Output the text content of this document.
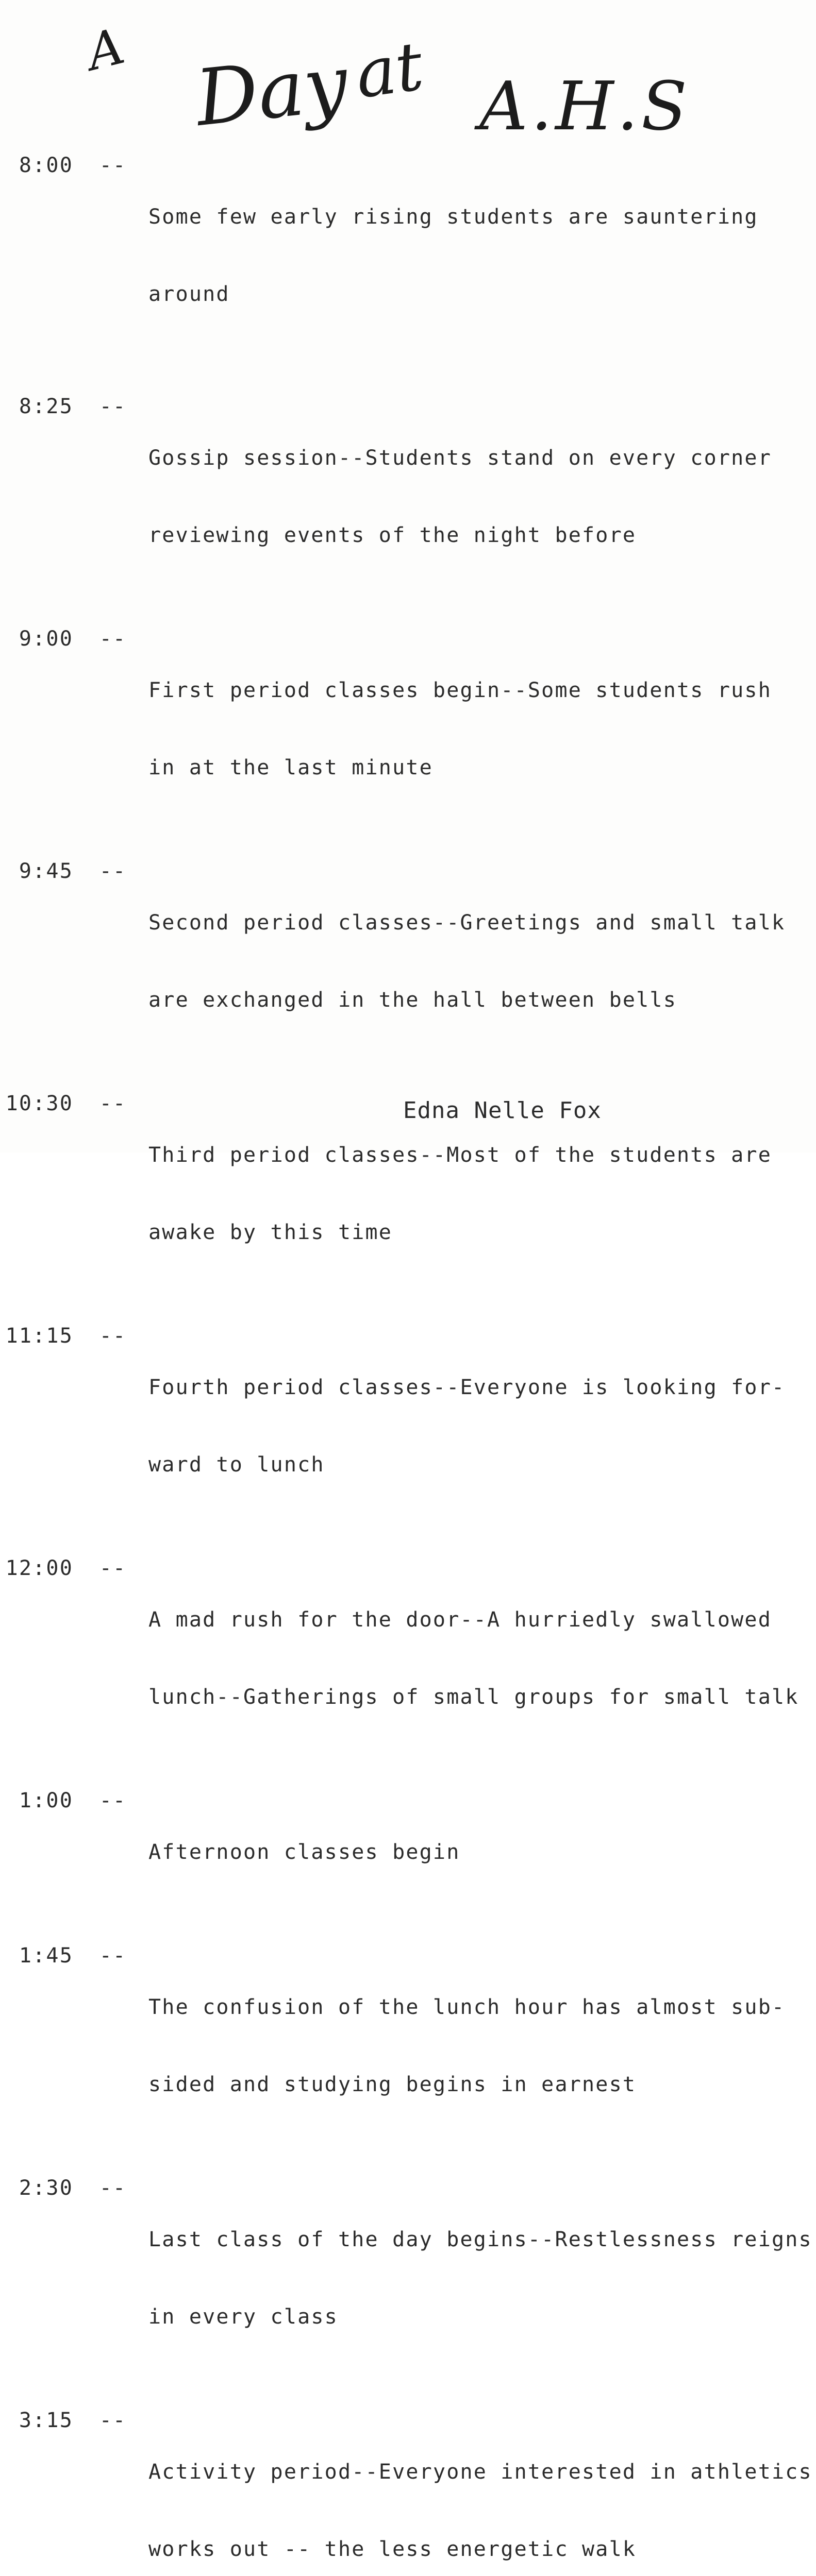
A Day
at A.H.S
8:00	--

Some few early rising students are sauntering

around

8:25	--

Gossip session--Students stand on every corner

reviewing events of the night before

9:00	--

First period classes begin--Some students rush

in at the last minute

9:45	--

Second period classes--Greetings and small talk

are exchanged in the hall between bells

10:30	--

Third period classes--Most of the students are

awake by this time

11:15	--

Fourth period classes--Everyone is looking for-

ward to lunch

12:00	--

A mad rush for the door--A hurriedly swallowed

lunch--Gatherings of small groups for small talk

1:00	--

Afternoon classes begin

1:45	--

The confusion of the lunch hour has almost sub-

sided and studying begins in earnest

2:30	--

Last class of the day begins--Restlessness reigns

in every class

3:15	--

Activity period--Everyone interested in athletics

works out -- the less energetic walk

Edna Nelle Fox
